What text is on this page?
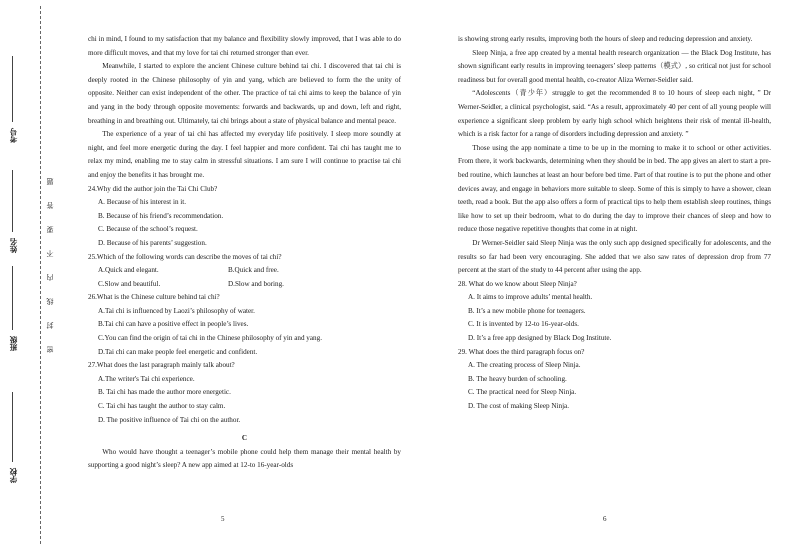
考号
姓名
班级
学校
题
答
要
不
内
线
封
密

chi in mind, I found to my satisfaction that my balance and flexibility slowly improved, that I was able to do more difficult moves, and that my love for tai chi returned stronger than ever.

Meanwhile, I started to explore the ancient Chinese culture behind tai chi. I discovered that tai chi is deeply rooted in the Chinese philosophy of yin and yang, which are believed to form the the unity of opposite. Neither can exist independent of the other. The practice of tai chi aims to keep the balance of yin and yang in the body through opposite movements: forwards and backwards, up and down, left and right, breathing in and breathing out. Ultimately, tai chi brings about a state of physical balance and mental peace.

The experience of a year of tai chi has affected my everyday life positively. I sleep more soundly at night, and feel more energetic during the day. I feel happier and more confident. Tai chi has taught me to relax my mind, enabling me to stay calm in stressful situations. I am sure I will continue to practise tai chi and enjoy the benefits it has brought me.

24.Why did the author join the Tai Chi Club?
A. Because of his interest in it.
B. Because of his friend’s recommendation.
C. Because of the school’s request.
D. Because of his parents’ suggestion.
25.Which of the following words can describe the moves of tai chi?
A.Quick and elegant.	B.Quick and free.
C.Slow and beautiful.	D.Slow and boring.
26.What is the Chinese culture behind tai chi?
A.Tai chi is influenced by Laozi’s philosophy of water.
B.Tai chi can have a positive effect in people’s lives.
C.You can find the origin of tai chi in the Chinese philosophy of yin and yang.
D.Tai chi can make people feel energetic and confident.
27.What does the last paragraph mainly talk about?
A.The writer's Tai chi experience.
B. Tai chi has made the author more energetic.
C. Tai chi has taught the author to stay calm.
D. The positive influence of Tai chi on the author.
C

Who would have thought a teenager’s mobile phone could help them manage their mental health by supporting a good night’s sleep? A new app aimed at 12-to 16-year-olds

5

is showing strong early results, improving both the hours of sleep and reducing depression and anxiety.

Sleep Ninja, a free app created by a mental health research organization — the Black Dog Institute, has shown significant early results in improving teenagers’ sleep patterns（模式）, so critical not just for school readiness but for overall good mental health, co-creator Aliza Werner-Seidler said.

“Adolescents（青少年）struggle to get the recommended 8 to 10 hours of sleep each night, ” Dr Werner-Seidler, a clinical psychologist, said. “As a result, approximately 40 per cent of all young people will experience a significant sleep problem by early high school which heightens their risk of mental ill-health, which is a risk factor for a range of disorders including depression and anxiety. ”

Those using the app nominate a time to be up in the morning to make it to school or other activities. From there, it work backwards, determining when they should be in bed. The app gives an alert to start a pre-bed routine, which launches at least an hour before bed time. Part of that routine is to put the phone and other devices away, and engage in behaviors more suitable to sleep. Some of this is simply to have a shower, clean teeth, read a book. But the app also offers a form of practical tips to help them establish sleep routines, things like how to set up their bedroom, what to do during the day to improve their chances of sleep and how to reduce those negative repetitive thoughts that come in at night.

Dr Werner-Seidler said Sleep Ninja was the only such app designed specifically for adolescents, and the results so far had been very encouraging. She added that we also saw rates of depression drop from 77 percent at the start of the study to 44 percent after using the app.

28. What do we know about Sleep Ninja?
A. It aims to improve adults’ mental health.
B. It’s a new mobile phone for teenagers.
C. It is invented by 12-to 16-year-olds.
D. It’s a free app designed by Black Dog Institute.
29. What does the third paragraph focus on?
A. The creating process of Sleep Ninja.
B. The heavy burden of schooling.
C. The practical need for Sleep Ninja.
D. The cost of making Sleep Ninja.
6
